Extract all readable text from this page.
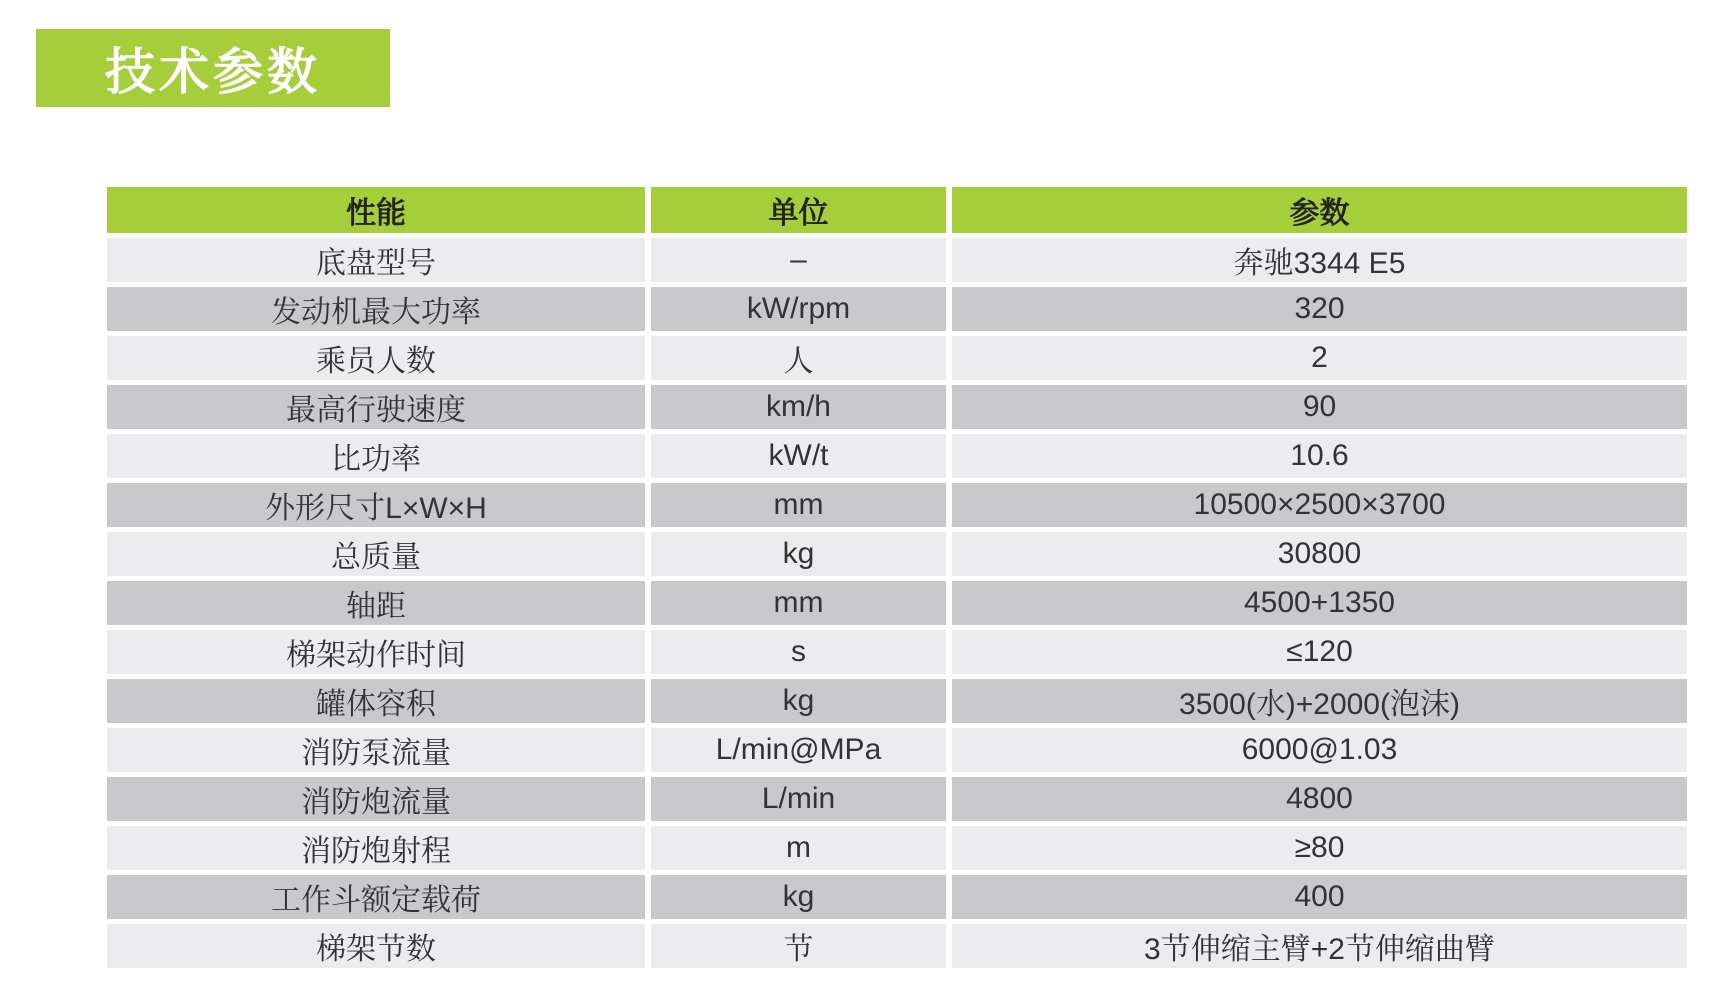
技术参数
性能	单位	参数
底盘型号	–	奔驰3344 E5
发动机最大功率	kW/rpm	320
乘员人数	人	2
最高行驶速度	km/h	90
比功率	kW/t	10.6
外形尺寸L×W×H	mm	10500×2500×3700
总质量	kg	30800
轴距	mm	4500+1350
梯架动作时间	s	≤120
罐体容积	kg	3500(水)+2000(泡沫)
消防泵流量	L/min@MPa	6000@1.03
消防炮流量	L/min	4800
消防炮射程	m	≥80
工作斗额定载荷	kg	400
梯架节数	节	3节伸缩主臂+2节伸缩曲臂
